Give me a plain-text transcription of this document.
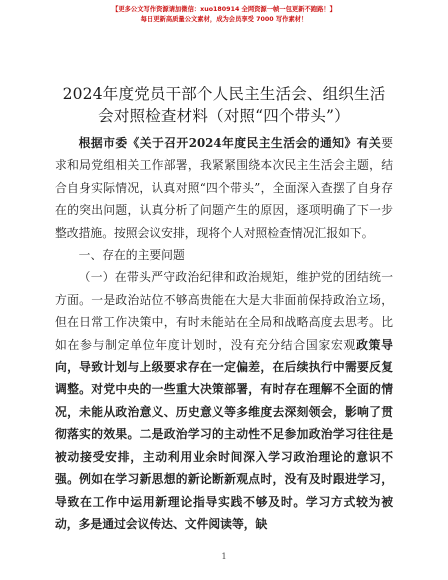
【更多公文写作资源请加微信：xuo180914 全网资源一帧一包更新不跑路！】
每日更新高质量公文素材，成为会员享受 7000 写作素材！
2024年度党员干部个人民主生活会、组织生活
会对照检查材料（对照“四个带头”）

根据市委《关于召开2024年度民主生活会的通知》有关要求和局党组相关工作部署，我紧紧围绕本次民主生活会主题，结合自身实际情况，认真对照“四个带头”，全面深入查摆了自身存在的突出问题，认真分析了问题产生的原因，逐项明确了下一步整改措施。按照会议安排，现将个人对照检查情况汇报如下。

一、存在的主要问题

（一）在带头严守政治纪律和政治规矩，维护党的团结统一方面。一是政治站位不够高贵能在大是大非面前保持政治立场，但在日常工作决策中，有时未能站在全局和战略高度去思考。比如在参与制定单位年度计划时，没有充分结合国家宏观政策导向，导致计划与上级要求存在一定偏差，在后续执行中需要反复调整。对党中央的一些重大决策部署，有时存在理解不全面的情况，未能从政治意义、历史意义等多维度去深刻领会，影响了贯彻落实的效果。二是政治学习的主动性不足参加政治学习往往是被动接受安排，主动利用业余时间深入学习政治理论的意识不强。例如在学习新思想的新论断新观点时，没有及时跟进学习，导致在工作中运用新理论指导实践不够及时。学习方式较为被动，多是通过会议传达、文件阅读等，缺

1
